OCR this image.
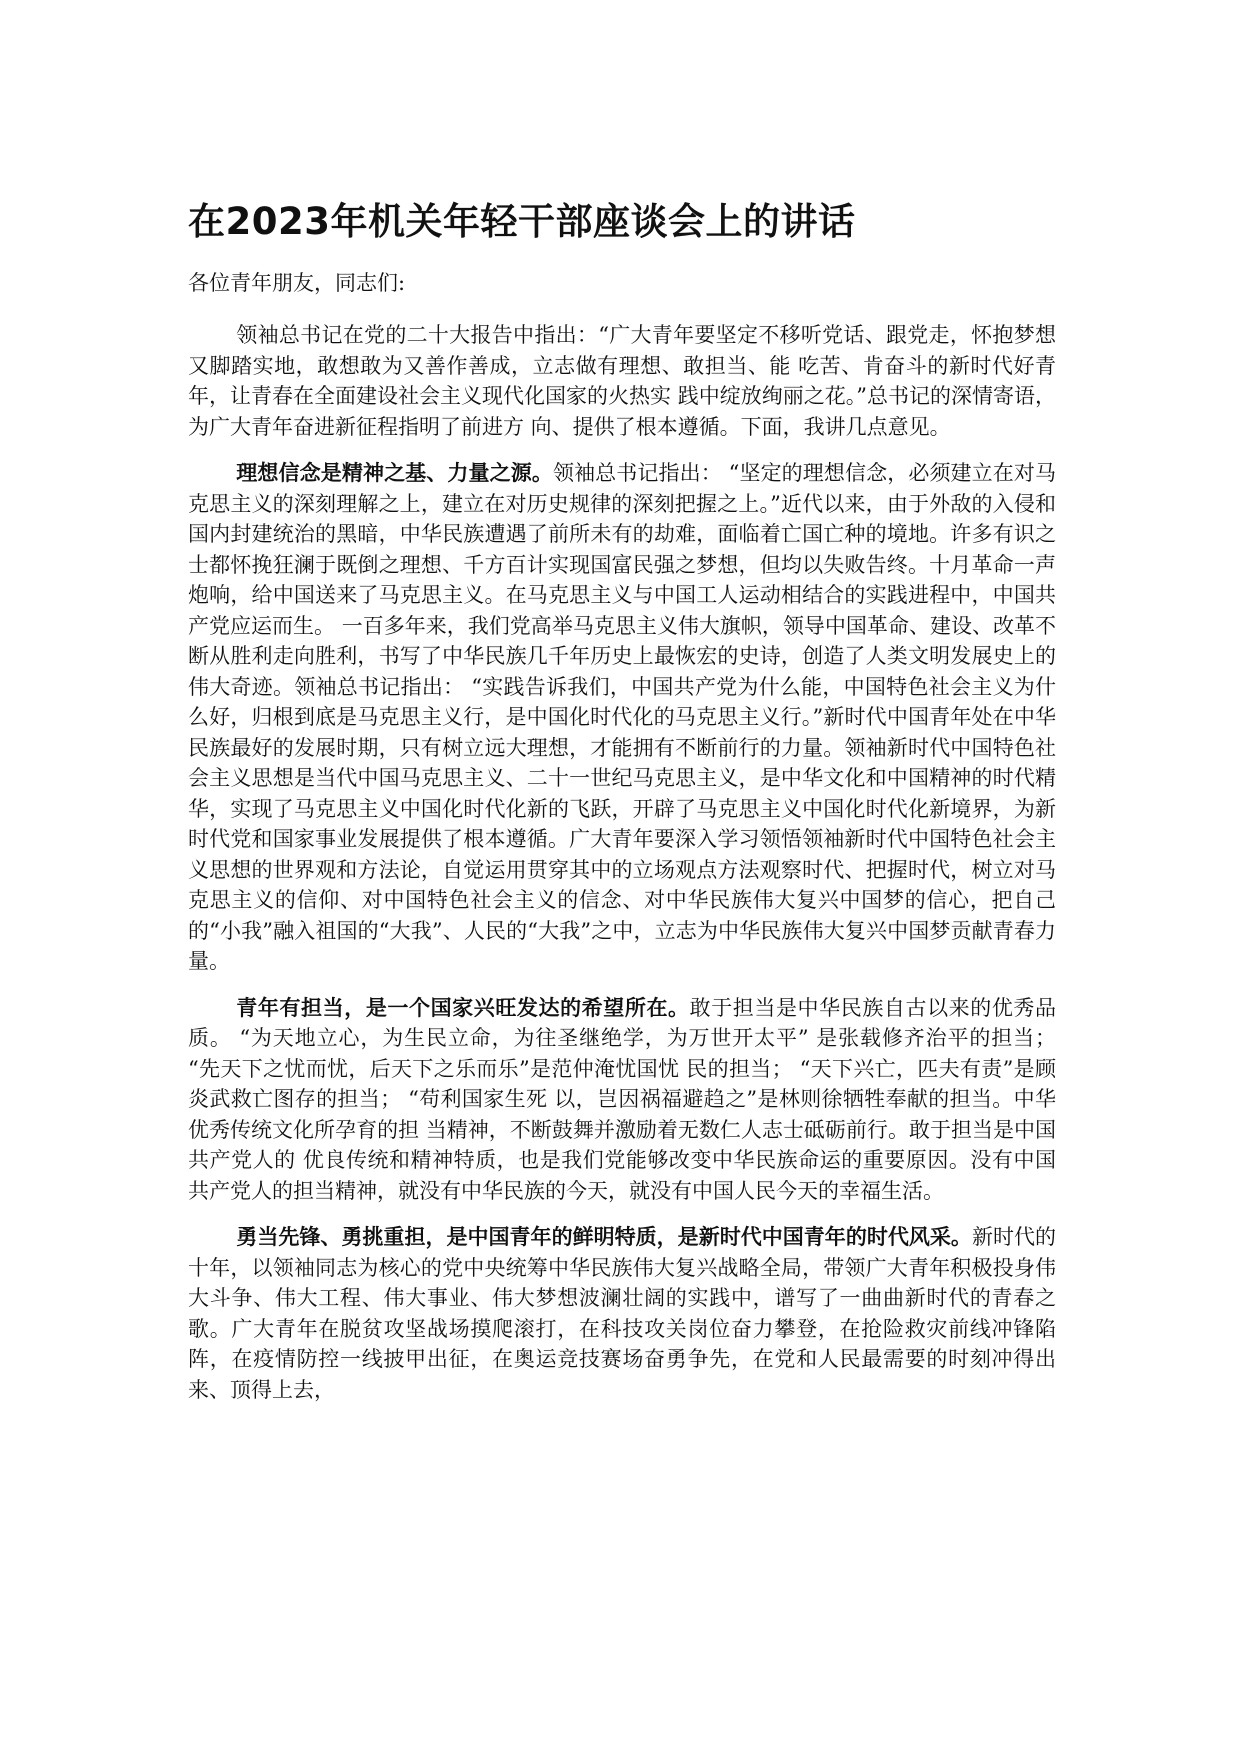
在2023年机关年轻干部座谈会上的讲话

各位青年朋友，同志们:

领袖总书记在党的二十大报告中指出：“广大青年要坚定不移听党话、跟党走，怀抱梦想又脚踏实地，敢想敢为又善作善成，立志做有理想、敢担当、能 吃苦、肯奋斗的新时代好青年，让青春在全面建设社会主义现代化国家的火热实 践中绽放绚丽之花。”总书记的深情寄语，为广大青年奋进新征程指明了前进方 向、提供了根本遵循。下面，我讲几点意见。

理想信念是精神之基、力量之源。领袖总书记指出： “坚定的理想信念，必须建立在对马克思主义的深刻理解之上，建立在对历史规律的深刻把握之上。”近代以来，由于外敌的入侵和国内封建统治的黑暗，中华民族遭遇了前所未有的劫难，面临着亡国亡种的境地。许多有识之士都怀挽狂澜于既倒之理想、千方百计实现国富民强之梦想，但均以失败告终。十月革命一声炮响，给中国送来了马克思主义。在马克思主义与中国工人运动相结合的实践进程中，中国共产党应运而生。 一百多年来，我们党高举马克思主义伟大旗帜，领导中国革命、建设、改革不断从胜利走向胜利，书写了中华民族几千年历史上最恢宏的史诗，创造了人类文明发展史上的伟大奇迹。领袖总书记指出： “实践告诉我们，中国共产党为什么能，中国特色社会主义为什么好，归根到底是马克思主义行，是中国化时代化的马克思主义行。”新时代中国青年处在中华民族最好的发展时期，只有树立远大理想，才能拥有不断前行的力量。领袖新时代中国特色社会主义思想是当代中国马克思主义、二十一世纪马克思主义，是中华文化和中国精神的时代精华，实现了马克思主义中国化时代化新的飞跃，开辟了马克思主义中国化时代化新境界，为新时代党和国家事业发展提供了根本遵循。广大青年要深入学习领悟领袖新时代中国特色社会主义思想的世界观和方法论，自觉运用贯穿其中的立场观点方法观察时代、把握时代，树立对马克思主义的信仰、对中国特色社会主义的信念、对中华民族伟大复兴中国梦的信心，把自己的“小我”融入祖国的“大我”、人民的“大我”之中，立志为中华民族伟大复兴中国梦贡献青春力量。

青年有担当，是一个国家兴旺发达的希望所在。敢于担当是中华民族自古以来的优秀品质。 “为天地立心，为生民立命，为往圣继绝学，为万世开太平” 是张载修齐治平的担当； “先天下之忧而忧，后天下之乐而乐”是范仲淹忧国忧 民的担当； “天下兴亡，匹夫有责”是顾炎武救亡图存的担当； “苟利国家生死 以，岂因祸福避趋之”是林则徐牺牲奉献的担当。中华优秀传统文化所孕育的担 当精神，不断鼓舞并激励着无数仁人志士砥砺前行。敢于担当是中国共产党人的 优良传统和精神特质，也是我们党能够改变中华民族命运的重要原因。没有中国 共产党人的担当精神，就没有中华民族的今天，就没有中国人民今天的幸福生活。

勇当先锋、勇挑重担，是中国青年的鲜明特质，是新时代中国青年的时代风采。新时代的十年，以领袖同志为核心的党中央统筹中华民族伟大复兴战略全局，带领广大青年积极投身伟大斗争、伟大工程、伟大事业、伟大梦想波澜壮阔的实践中，谱写了一曲曲新时代的青春之歌。广大青年在脱贫攻坚战场摸爬滚打，在科技攻关岗位奋力攀登，在抢险救灾前线冲锋陷阵，在疫情防控一线披甲出征，在奥运竞技赛场奋勇争先，在党和人民最需要的时刻冲得出来、顶得上去，
